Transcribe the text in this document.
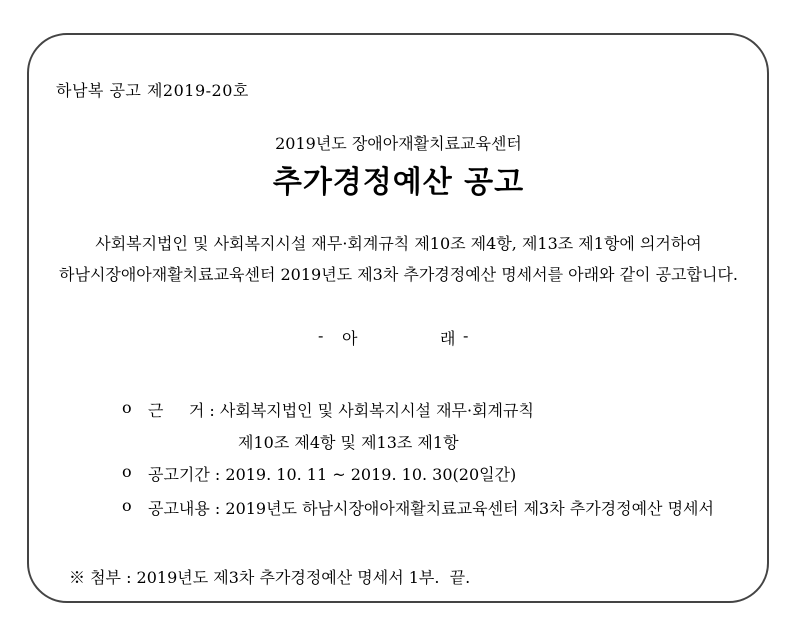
하남복 공고 제2019-20호
2019년도 장애아재활치료교육센터
추가경정예산 공고
사회복지법인 및 사회복지시설 재무·회계규칙 제10조 제4항, 제13조 제1항에 의거하여
하남시장애아재활치료교육센터 2019년도 제3차 추가경정예산 명세서를 아래와 같이 공고합니다.
- 아	래 -
o 근     거 : 사회복지법인 및 사회복지시설 재무·회계규칙
제10조 제4항 및 제13조 제1항
o 공고기간 : 2019. 10. 11 ~ 2019. 10. 30(20일간)
o 공고내용 : 2019년도 하남시장애아재활치료교육센터 제3차 추가경정예산 명세서
※ 첨부 : 2019년도 제3차 추가경정예산 명세서 1부.  끝.
